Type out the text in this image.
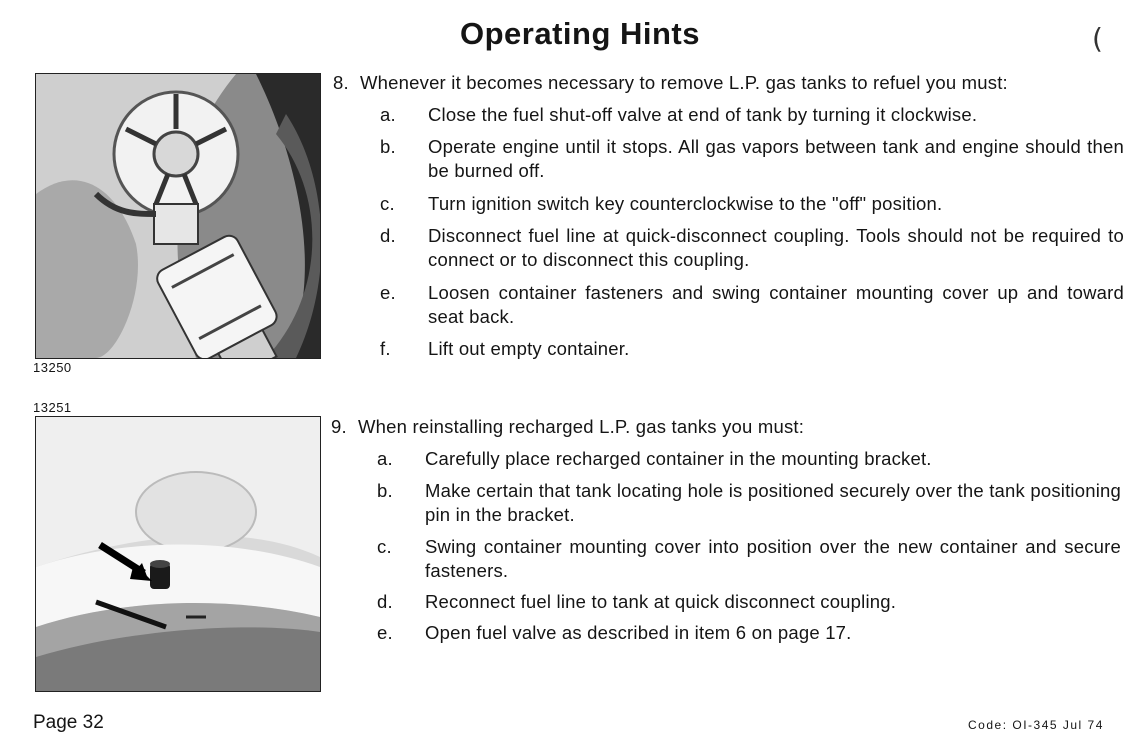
Operating Hints	(
13250
13251
8. Whenever it becomes necessary to remove L.P. gas tanks to refuel you must:
a. Close the fuel shut-off valve at end of tank by turning it clockwise.
b. Operate engine until it stops. All gas vapors between tank and engine should then be burned off.
c. Turn ignition switch key counterclockwise to the "off" position.
d. Disconnect fuel line at quick-disconnect coupling. Tools should not be required to connect or to disconnect this coupling.
e. Loosen container fasteners and swing container mounting cover up and toward seat back.
f. Lift out empty container.
9. When reinstalling recharged L.P. gas tanks you must:
a. Carefully place recharged container in the mounting bracket.
b. Make certain that tank locating hole is positioned securely over the tank positioning pin in the bracket.
c. Swing container mounting cover into position over the new container and secure fasteners.
d. Reconnect fuel line to tank at quick disconnect coupling.
e. Open fuel valve as described in item 6 on page 17.
Page 32	Code: OI-345 Jul 74
